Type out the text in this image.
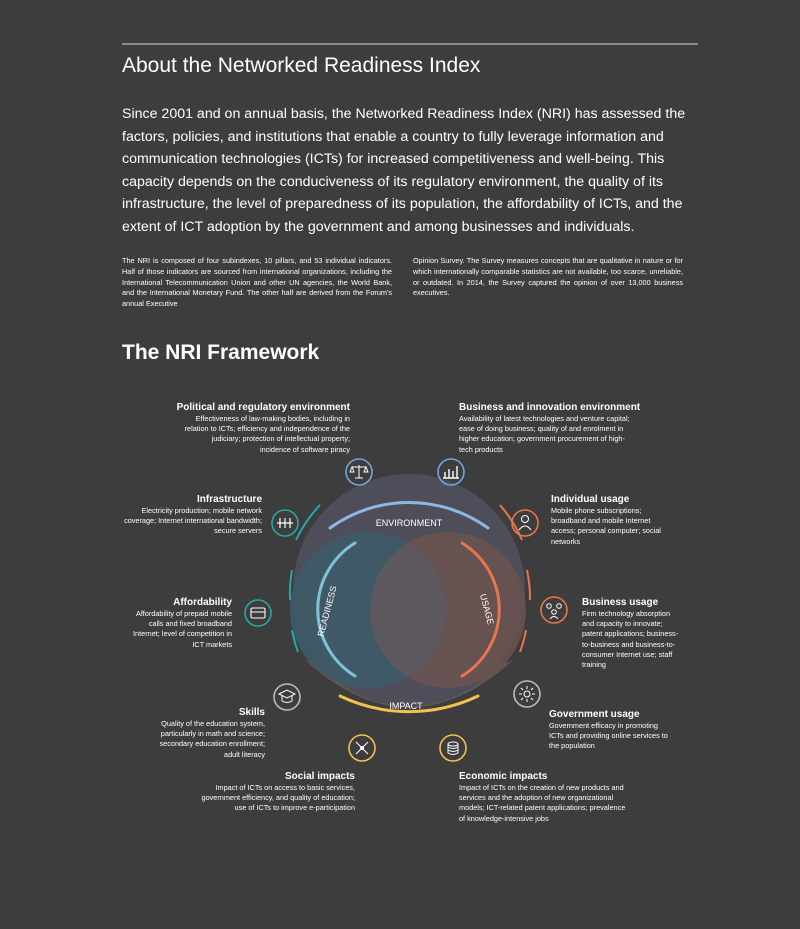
About the Networked Readiness Index

Since 2001 and on annual basis, the Networked Readiness Index (NRI) has assessed the factors, policies, and institutions that enable a country to fully leverage information and communication technologies (ICTs) for increased competitiveness and well-being. This capacity depends on the conduciveness of its regulatory environment, the quality of its infrastructure, the level of preparedness of its population, the affordability of ICTs, and the extent of ICT adoption by the government and among businesses and individuals.

The NRI is composed of four subindexes, 10 pillars, and 53 individual indicators. Half of those indicators are sourced from international organizations, including the International Telecommunication Union and other UN agencies, the World Bank, and the International Monetary Fund. The other half are derived from the Forum's annual Executive

Opinion Survey. The Survey measures concepts that are qualitative in nature or for which internationally comparable statistics are not available, too scarce, unreliable, or outdated. In 2014, the Survey captured the opinion of over 13,000 business executives.

The NRI Framework
ENVIRONMENT
READINESS	USAGE
IMPACT
Political and regulatory environment
Effectiveness of law-making bodies, including in relation to ICTs; efficiency and independence of the judiciary; protection of intellectual property; incidence of software piracy
Business and innovation environment
Availability of latest technologies and venture capital; ease of doing business; quality of and enrolment in higher education; government procurement of high-tech products
Infrastructure
Electricity production; mobile network coverage; Internet international bandwidth; secure servers
Individual usage
Mobile phone subscriptions; broadband and mobile Internet access; personal computer; social networks
Affordability
Affordability of prepaid mobile calls and fixed broadband Internet; level of competition in ICT markets
Business usage
Firm technology absorption and capacity to innovate; patent applications; business-to-business and business-to-consumer Internet use; staff training
Skills
Quality of the education system, particularly in math and science; secondary education enrollment; adult literacy
Government usage
Government efficacy in promoting ICTs and providing online services to the population
Social impacts
Impact of ICTs on access to basic services, government efficiency, and quality of education; use of ICTs to improve e-participation
Economic impacts
Impact of ICTs on the creation of new products and services and the adoption of new organizational models; ICT-related patent applications; prevalence of knowledge-intensive jobs
